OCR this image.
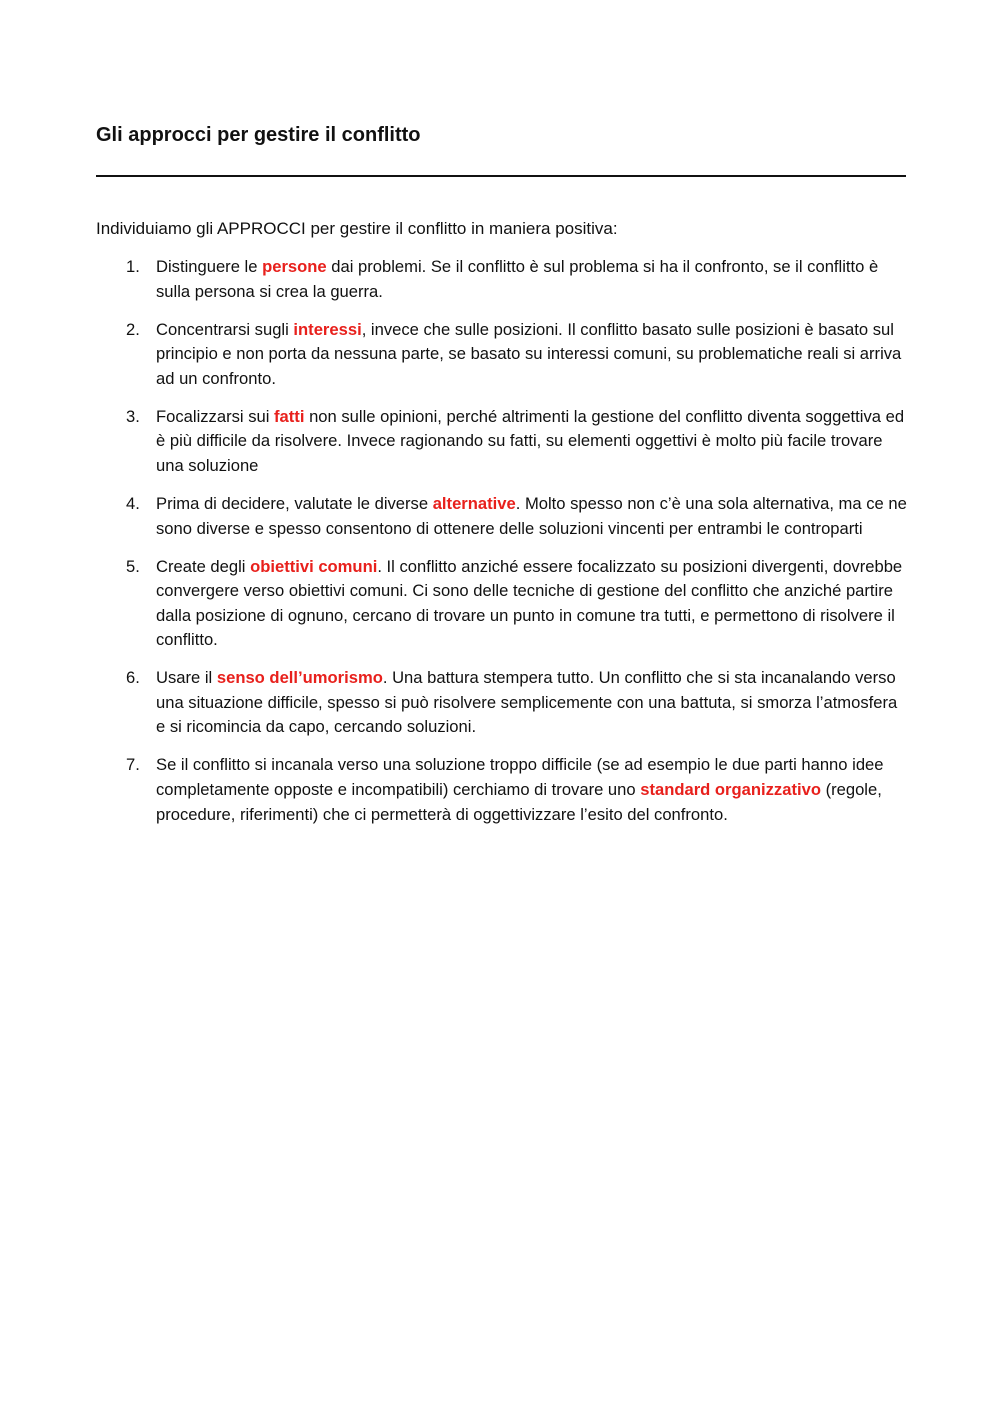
Gli approcci per gestire il conflitto

Individuiamo gli APPROCCI per gestire il conflitto in maniera positiva:

1. Distinguere le persone dai problemi. Se il conflitto è sul problema si ha il confronto, se il conflitto è sulla persona si crea la guerra.
2. Concentrarsi sugli interessi, invece che sulle posizioni. Il conflitto basato sulle posizioni è basato sul principio e non porta da nessuna parte, se basato su interessi comuni, su problematiche reali si arriva ad un confronto.
3. Focalizzarsi sui fatti non sulle opinioni, perché altrimenti la gestione del conflitto diventa soggettiva ed è più difficile da risolvere. Invece ragionando su fatti, su elementi oggettivi è molto più facile trovare una soluzione
4. Prima di decidere, valutate le diverse alternative. Molto spesso non c’è una sola alternativa, ma ce ne sono diverse e spesso consentono di ottenere delle soluzioni vincenti per entrambi le controparti
5. Create degli obiettivi comuni. Il conflitto anziché essere focalizzato su posizioni divergenti, dovrebbe convergere verso obiettivi comuni. Ci sono delle tecniche di gestione del conflitto che anziché partire dalla posizione di ognuno, cercano di trovare un punto in comune tra tutti, e permettono di risolvere il conflitto.
6. Usare il senso dell’umorismo. Una battura stempera tutto. Un conflitto che si sta incanalando verso una situazione difficile, spesso si può risolvere semplicemente con una battuta, si smorza l’atmosfera e si ricomincia da capo, cercando soluzioni.
7. Se il conflitto si incanala verso una soluzione troppo difficile (se ad esempio le due parti hanno idee completamente opposte e incompatibili) cerchiamo di trovare uno standard organizzativo (regole, procedure, riferimenti) che ci permetterà di oggettivizzare l’esito del confronto.
